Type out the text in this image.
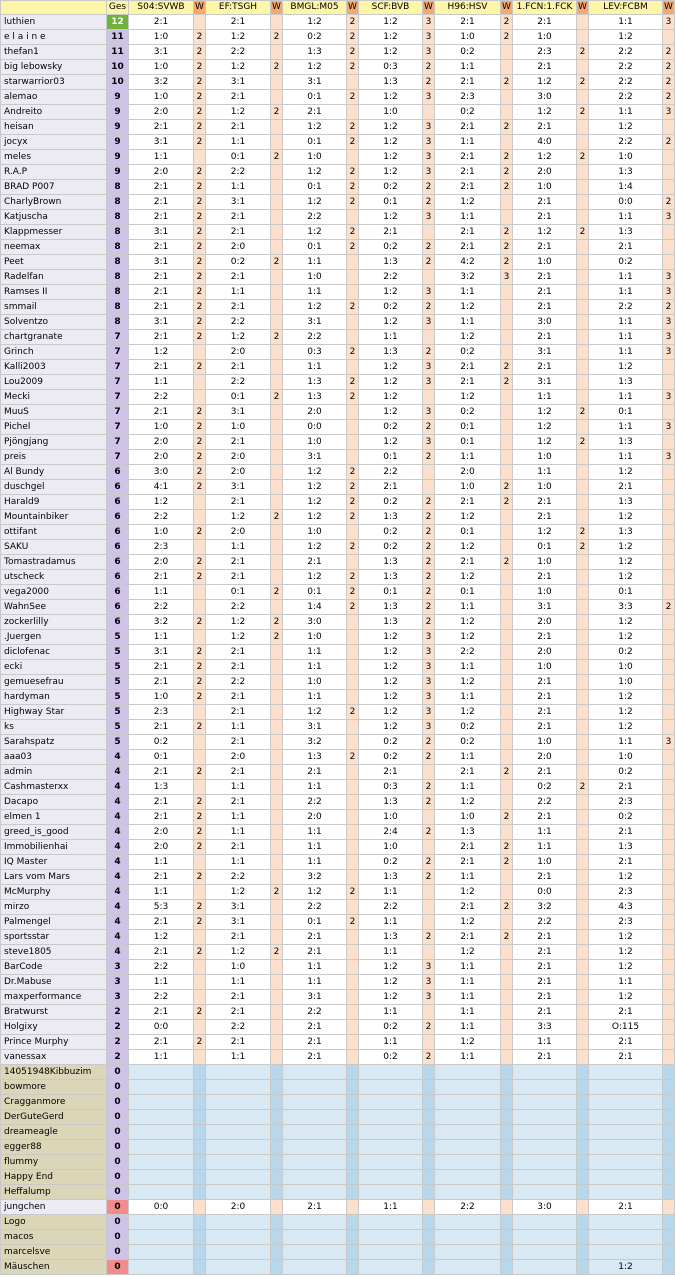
	Ges	S04:SVWB	W	EF:TSGH	W	BMGL:M05	W	SCF:BVB	W	H96:HSV	W	1.FCN:1.FCK	W	LEV:FCBM	W
luthien	12	2:1		2:1		1:2	2	1:2	3	2:1	2	2:1		1:1	3
e l a i n e	11	1:0	2	1:2	2	0:2	2	1:2	3	1:0	2	1:0		1:2	
thefan1	11	3:1	2	2:2		1:3	2	1:2	3	0:2		2:3	2	2:2	2
big lebowsky	10	1:0	2	1:2	2	1:2	2	0:3	2	1:1		2:1		2:2	2
starwarrior03	10	3:2	2	3:1		3:1		1:3	2	2:1	2	1:2	2	2:2	2
alemao	9	1:0	2	2:1		0:1	2	1:2	3	2:3		3:0		2:2	2
Andreito	9	2:0	2	1:2	2	2:1		1:0		0:2		1:2	2	1:1	3
heisan	9	2:1	2	2:1		1:2	2	1:2	3	2:1	2	2:1		1:2	
jocyx	9	3:1	2	1:1		0:1	2	1:2	3	1:1		4:0		2:2	2
meles	9	1:1		0:1	2	1:0		1:2	3	2:1	2	1:2	2	1:0	
R.A.P	9	2:0	2	2:2		1:2	2	1:2	3	2:1	2	2:0		1:3	
BRAD P007	8	2:1	2	1:1		0:1	2	0:2	2	2:1	2	1:0		1:4	
CharlyBrown	8	2:1	2	3:1		1:2	2	0:1	2	1:2		2:1		0:0	2
Katjuscha	8	2:1	2	2:1		2:2		1:2	3	1:1		2:1		1:1	3
Klappmesser	8	3:1	2	2:1		1:2	2	2:1		2:1	2	1:2	2	1:3	
neemax	8	2:1	2	2:0		0:1	2	0:2	2	2:1	2	2:1		2:1	
Peet	8	3:1	2	0:2	2	1:1		1:3	2	4:2	2	1:0		0:2	
Radelfan	8	2:1	2	2:1		1:0		2:2		3:2	3	2:1		1:1	3
Ramses II	8	2:1	2	1:1		1:1		1:2	3	1:1		2:1		1:1	3
smmail	8	2:1	2	2:1		1:2	2	0:2	2	1:2		2:1		2:2	2
Solventzo	8	3:1	2	2:2		3:1		1:2	3	1:1		3:0		1:1	3
chartgranate	7	2:1	2	1:2	2	2:2		1:1		1:2		2:1		1:1	3
Grinch	7	1:2		2:0		0:3	2	1:3	2	0:2		3:1		1:1	3
Kalli2003	7	2:1	2	2:1		1:1		1:2	3	2:1	2	2:1		1:2	
Lou2009	7	1:1		2:2		1:3	2	1:2	3	2:1	2	3:1		1:3	
Mecki	7	2:2		0:1	2	1:3	2	1:2		1:2		1:1		1:1	3
MuuS	7	2:1	2	3:1		2:0		1:2	3	0:2		1:2	2	0:1	
Pichel	7	1:0	2	1:0		0:0		0:2	2	0:1		1:2		1:1	3
Pjöngjang	7	2:0	2	2:1		1:0		1:2	3	0:1		1:2	2	1:3	
preis	7	2:0	2	2:0		3:1		0:1	2	1:1		1:0		1:1	3
Al Bundy	6	3:0	2	2:0		1:2	2	2:2		2:0		1:1		1:2	
duschgel	6	4:1	2	3:1		1:2	2	2:1		1:0	2	1:0		2:1	
Harald9	6	1:2		2:1		1:2	2	0:2	2	2:1	2	2:1		1:3	
Mountainbiker	6	2:2		1:2	2	1:2	2	1:3	2	1:2		2:1		1:2	
ottifant	6	1:0	2	2:0		1:0		0:2	2	0:1		1:2	2	1:3	
SAKU	6	2:3		1:1		1:2	2	0:2	2	1:2		0:1	2	1:2	
Tomastradamus	6	2:0	2	2:1		2:1		1:3	2	2:1	2	1:0		1:2	
utscheck	6	2:1	2	2:1		1:2	2	1:3	2	1:2		2:1		1:2	
vega2000	6	1:1		0:1	2	0:1	2	0:1	2	0:1		1:0		0:1	
WahnSee	6	2:2		2:2		1:4	2	1:3	2	1:1		3:1		3:3	2
zockerlilly	6	3:2	2	1:2	2	3:0		1:3	2	1:2		2:0		1:2	
.Juergen	5	1:1		1:2	2	1:0		1:2	3	1:2		2:1		1:2	
diclofenac	5	3:1	2	2:1		1:1		1:2	3	2:2		2:0		0:2	
ecki	5	2:1	2	2:1		1:1		1:2	3	1:1		1:0		1:0	
gemuesefrau	5	2:1	2	2:2		1:0		1:2	3	1:2		2:1		1:0	
hardyman	5	1:0	2	2:1		1:1		1:2	3	1:1		2:1		1:2	
Highway Star	5	2:3		2:1		1:2	2	1:2	3	1:2		2:1		1:2	
ks	5	2:1	2	1:1		3:1		1:2	3	0:2		2:1		1:2	
Sarahspatz	5	0:2		2:1		3:2		0:2	2	0:2		1:0		1:1	3
aaa03	4	0:1		2:0		1:3	2	0:2	2	1:1		2:0		1:0	
admin	4	2:1	2	2:1		2:1		2:1		2:1	2	2:1		0:2	
Cashmasterxx	4	1:3		1:1		1:1		0:3	2	1:1		0:2	2	2:1	
Dacapo	4	2:1	2	2:1		2:2		1:3	2	1:2		2:2		2:3	
elmen 1	4	2:1	2	1:1		2:0		1:0		1:0	2	2:1		0:2	
greed_is_good	4	2:0	2	1:1		1:1		2:4	2	1:3		1:1		2:1	
Immobilienhai	4	2:0	2	2:1		1:1		1:0		2:1	2	1:1		1:3	
IQ Master	4	1:1		1:1		1:1		0:2	2	2:1	2	1:0		2:1	
Lars vom Mars	4	2:1	2	2:2		3:2		1:3	2	1:1		2:1		1:2	
McMurphy	4	1:1		1:2	2	1:2	2	1:1		1:2		0:0		2:3	
mirzo	4	5:3	2	3:1		2:2		2:2		2:1	2	3:2		4:3	
Palmengel	4	2:1	2	3:1		0:1	2	1:1		1:2		2:2		2:3	
sportsstar	4	1:2		2:1		2:1		1:3	2	2:1	2	2:1		1:2	
steve1805	4	2:1	2	1:2	2	2:1		1:1		1:2		2:1		1:2	
BarCode	3	2:2		1:0		1:1		1:2	3	1:1		2:1		1:2	
Dr.Mabuse	3	1:1		1:1		1:1		1:2	3	1:1		2:1		1:1	
maxperformance	3	2:2		2:1		3:1		1:2	3	1:1		2:1		1:2	
Bratwurst	2	2:1	2	2:1		2:2		1:1		1:1		2:1		2:1	
Holgixy	2	0:0		2:2		2:1		0:2	2	1:1		3:3		O:115	
Prince Murphy	2	2:1	2	2:1		2:1		1:1		1:2		1:1		2:1	
vanessax	2	1:1		1:1		2:1		0:2	2	1:1		2:1		2:1	
14051948Kibbuzim	0														
bowmore	0														
Cragganmore	0														
DerGuteGerd	0														
dreameagle	0														
egger88	0														
flummy	0														
Happy End	0														
Heffalump	0														
jungchen	0	0:0		2:0		2:1		1:1		2:2		3:0		2:1	
Logo	0														
macos	0														
marcelsve	0														
Mäuschen	0													1:2	
